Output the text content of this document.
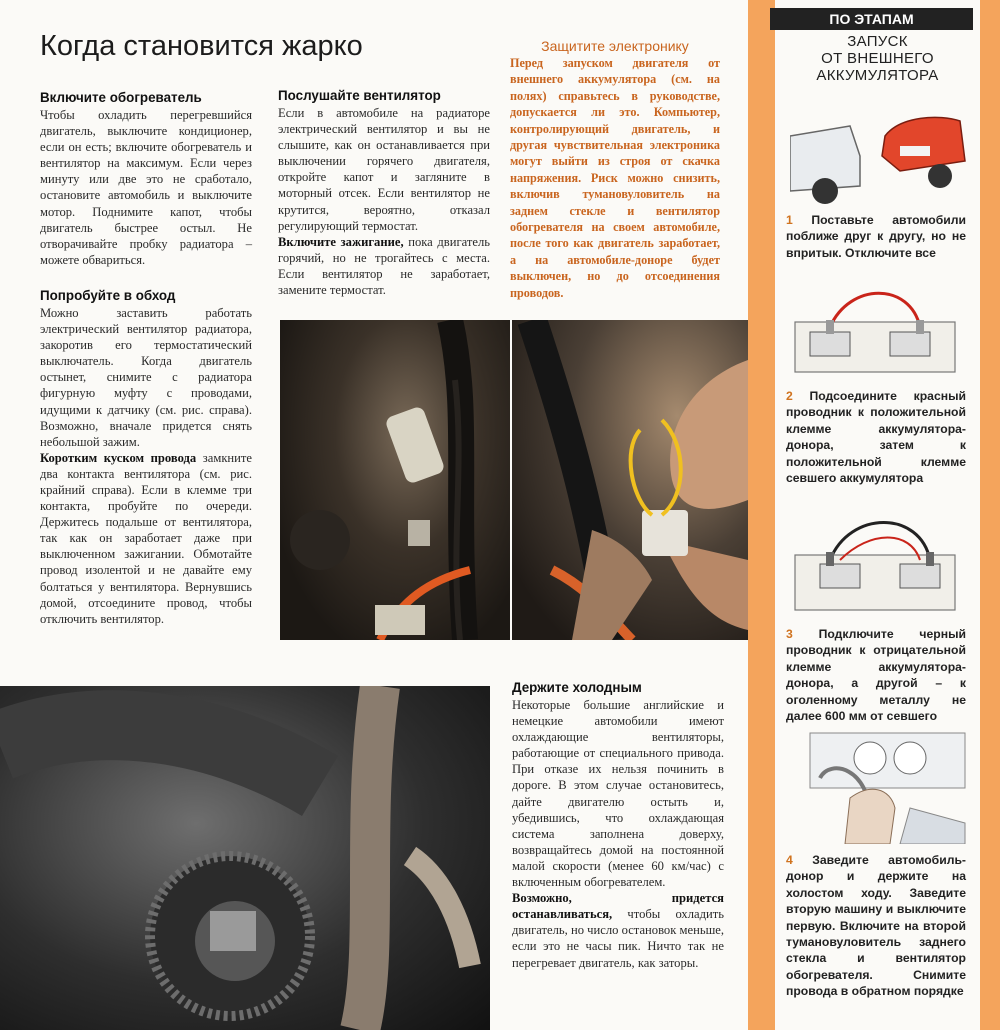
Когда становится жарко
Включите обогреватель

Чтобы охладить перегревшийся двигатель, выключите кондиционер, если он есть; включите обогреватель и вентилятор на максимум. Если через минуту или две это не сработало, остановите автомобиль и выключите мотор. Поднимите капот, чтобы двигатель быстрее остыл. Не отворачивайте пробку радиатора – можете обвариться.

Попробуйте в обход

Можно заставить работать электрический вентилятор радиатора, закоротив его термостатический выключатель. Когда двигатель остынет, снимите с радиатора фигурную муфту с проводами, идущими к датчику (см. рис. справа). Возможно, вначале придется снять небольшой зажим.

Коротким куском провода замкните два контакта вентилятора (см. рис. крайний справа). Если в клемме три контакта, пробуйте по очереди. Держитесь подальше от вентилятора, так как он заработает даже при выключенном зажигании. Обмотайте провод изолентой и не давайте ему болтаться у вентилятора. Вернувшись домой, отсоедините провод, чтобы отключить вентилятор.

Послушайте вентилятор

Если в автомобиле на радиаторе электрический вентилятор и вы не слышите, как он останавливается при выключении горячего двигателя, откройте капот и загляните в моторный отсек. Если вентилятор не крутится, вероятно, отказал регулирующий термостат.

Включите зажигание, пока двигатель горячий, но не трогайтесь с места. Если вентилятор не заработает, замените термостат.

Защитите электронику

Перед запуском двигателя от внешнего аккумулятора (см. на полях) справьтесь в руководстве, допускается ли это. Компьютер, контролирующий двигатель, и другая чувствительная электроника могут выйти из строя от скачка напряжения. Риск можно снизить, включив тумановуловитель на заднем стекле и вентилятор обогревателя на своем автомобиле, после того как двигатель заработает, а на автомобиле-доноре будет выключен, но до отсоединения проводов.

Держите холодным

Некоторые большие английские и немецкие автомобили имеют охлаждающие вентиляторы, работающие от специального привода. При отказе их нельзя починить в дороге. В этом случае остановитесь, дайте двигателю остыть и, убедившись, что охлаждающая система заполнена доверху, возвращайтесь домой на постоянной малой скорости (менее 60 км/час) с включенным обогревателем.

Возможно, придется останавливаться, чтобы охладить двигатель, но число остановок меньше, если это не часы пик. Ничто так не перегревает двигатель, как заторы.

ПО ЭТАПАМ
ЗАПУСК
ОТ ВНЕШНЕГО
АККУМУЛЯТОРА
1 Поставьте автомобили поближе друг к другу, но не впритык. Отключите все
2 Подсоедините красный проводник к положительной клемме аккумулятора-донора, затем к положительной клемме севшего аккумулятора
3 Подключите черный проводник к отрицательной клемме аккумулятора-донора, а другой – к оголенному металлу не далее 600 мм от севшего
4 Заведите автомобиль-донор и держите на холостом ходу. Заведите вторую машину и выключите первую. Включите на второй тумановуловитель заднего стекла и вентилятор обогревателя. Снимите провода в обратном порядке
